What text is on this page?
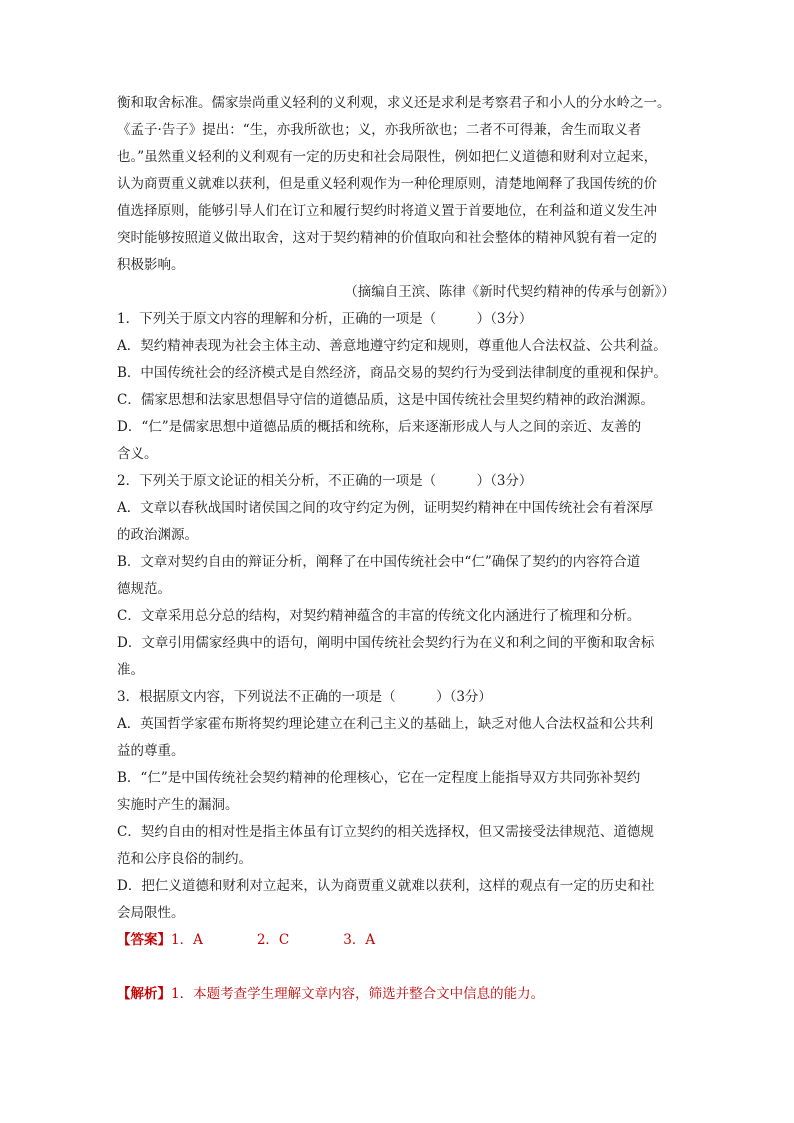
衡和取舍标准。儒家崇尚重义轻利的义利观，求义还是求利是考察君子和小人的分水岭之一。

《孟子·告子》提出：“生，亦我所欲也；义，亦我所欲也；二者不可得兼，舍生而取义者

也。”虽然重义轻利的义利观有一定的历史和社会局限性，例如把仁义道德和财利对立起来，

认为商贾重义就难以获利，但是重义轻利观作为一种伦理原则，清楚地阐释了我国传统的价

值选择原则，能够引导人们在订立和履行契约时将道义置于首要地位，在利益和道义发生冲

突时能够按照道义做出取舍，这对于契约精神的价值取向和社会整体的精神风貌有着一定的

积极影响。

（摘编自王滨、陈律《新时代契约精神的传承与创新》）

1．下列关于原文内容的理解和分析，正确的一项是（　　　）（3分）

A．契约精神表现为社会主体主动、善意地遵守约定和规则，尊重他人合法权益、公共利益。

B．中国传统社会的经济模式是自然经济，商品交易的契约行为受到法律制度的重视和保护。

C．儒家思想和法家思想倡导守信的道德品质，这是中国传统社会里契约精神的政治渊源。

D．“仁”是儒家思想中道德品质的概括和统称，后来逐渐形成人与人之间的亲近、友善的

含义。

2．下列关于原文论证的相关分析，不正确的一项是（　　　）（3分）

A．文章以春秋战国时诸侯国之间的攻守约定为例，证明契约精神在中国传统社会有着深厚

的政治渊源。

B．文章对契约自由的辩证分析，阐释了在中国传统社会中“仁”确保了契约的内容符合道

德规范。

C．文章采用总分总的结构，对契约精神蕴含的丰富的传统文化内涵进行了梳理和分析。

D．文章引用儒家经典中的语句，阐明中国传统社会契约行为在义和利之间的平衡和取舍标

准。

3．根据原文内容，下列说法不正确的一项是（　　　）（3分）

A．英国哲学家霍布斯将契约理论建立在利己主义的基础上，缺乏对他人合法权益和公共利

益的尊重。

B．“仁”是中国传统社会契约精神的伦理核心，它在一定程度上能指导双方共同弥补契约

实施时产生的漏洞。

C．契约自由的相对性是指主体虽有订立契约的相关选择权，但又需接受法律规范、道德规

范和公序良俗的制约。

D．把仁义道德和财利对立起来，认为商贾重义就难以获利，这样的观点有一定的历史和社

会局限性。

【答案】1．A　　　　2．C　　　　3．A

【解析】1．本题考查学生理解文章内容，筛选并整合文中信息的能力。
